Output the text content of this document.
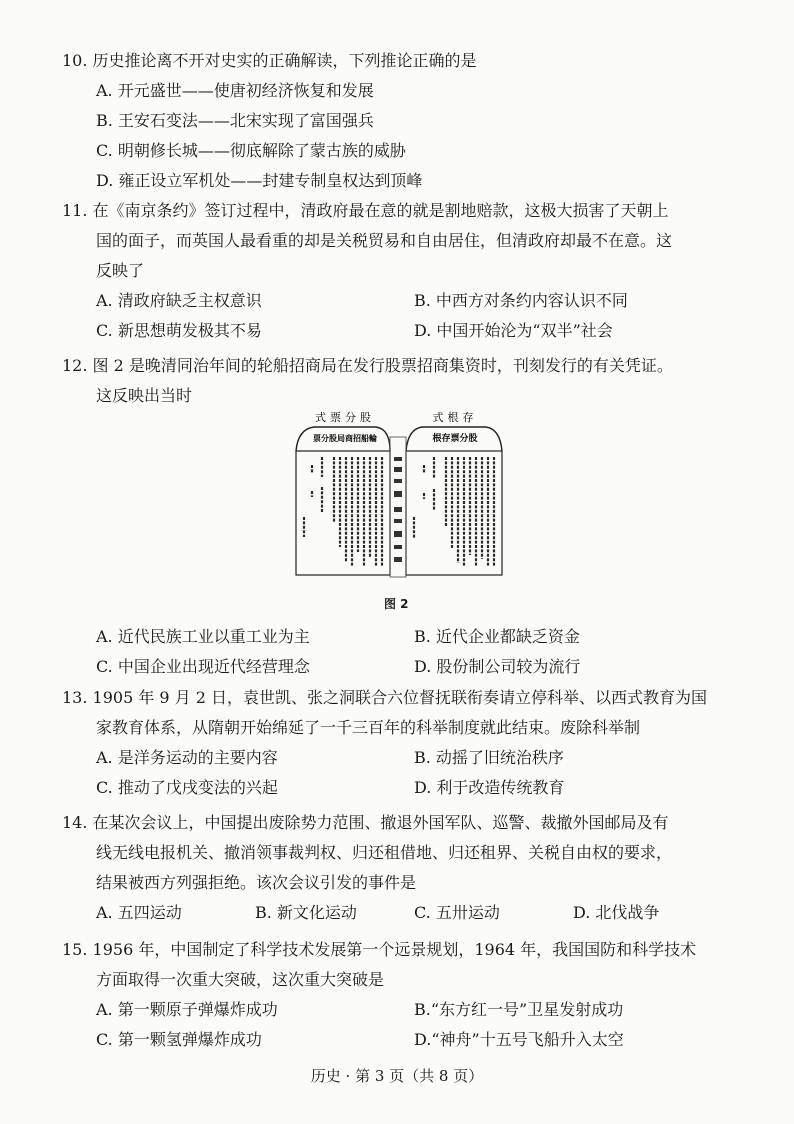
10. 历史推论离不开对史实的正确解读，下列推论正确的是
A. 开元盛世——使唐初经济恢复和发展
B. 王安石变法——北宋实现了富国强兵
C. 明朝修长城——彻底解除了蒙古族的威胁
D. 雍正设立军机处——封建专制皇权达到顶峰
11. 在《南京条约》签订过程中，清政府最在意的就是割地赔款，这极大损害了天朝上
国的面子，而英国人最看重的却是关税贸易和自由居住，但清政府却最不在意。这
反映了
A. 清政府缺乏主权意识	B. 中西方对条约内容认识不同
C. 新思想萌发极其不易	D. 中国开始沦为“双半”社会
12. 图 2 是晚清同治年间的轮船招商局在发行股票招商集资时，刊刻发行的有关凭证。
这反映出当时
式票分股	式根存
票分股局商招船輪	根存票分股
图 2
A. 近代民族工业以重工业为主	B. 近代企业都缺乏资金
C. 中国企业出现近代经营理念	D. 股份制公司较为流行
13. 1905 年 9 月 2 日，袁世凯、张之洞联合六位督抚联衔奏请立停科举、以西式教育为国
家教育体系，从隋朝开始绵延了一千三百年的科举制度就此结束。废除科举制
A. 是洋务运动的主要内容	B. 动摇了旧统治秩序
C. 推动了戊戌变法的兴起	D. 利于改造传统教育
14. 在某次会议上，中国提出废除势力范围、撤退外国军队、巡警、裁撤外国邮局及有
线无线电报机关、撤消领事裁判权、归还租借地、归还租界、关税自由权的要求，
结果被西方列强拒绝。该次会议引发的事件是
A. 五四运动	B. 新文化运动	C. 五卅运动	D. 北伐战争
15. 1956 年，中国制定了科学技术发展第一个远景规划，1964 年，我国国防和科学技术
方面取得一次重大突破，这次重大突破是
A. 第一颗原子弹爆炸成功	B.“东方红一号”卫星发射成功
C. 第一颗氢弹爆炸成功	D.“神舟”十五号飞船升入太空
历史 · 第 3 页（共 8 页）
